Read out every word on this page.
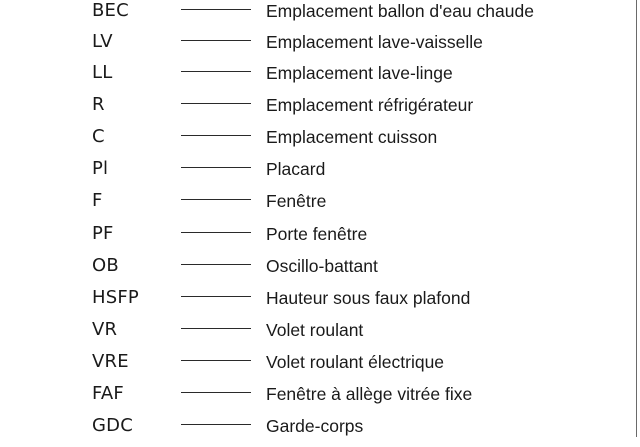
BEC	Emplacement ballon d'eau chaude
LV	Emplacement lave-vaisselle
LL	Emplacement lave-linge
R	Emplacement réfrigérateur
C	Emplacement cuisson
Pl	Placard
F	Fenêtre
PF	Porte fenêtre
OB	Oscillo-battant
HSFP	Hauteur sous faux plafond
VR	Volet roulant
VRE	Volet roulant électrique
FAF	Fenêtre à allège vitrée fixe
GDC	Garde-corps
